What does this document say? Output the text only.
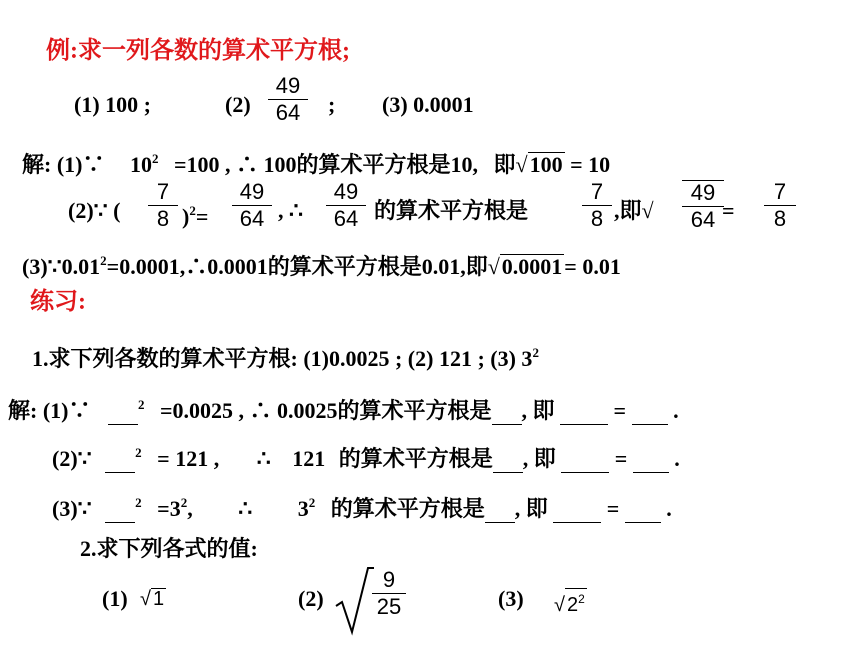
例:求一列各数的算术平方根;
(1) 100 ;	(2)
49
64	; (3) 0.0001
解: (1)∵ $10^2 =100$ , ∴ 100的算术平方根是10, 即√100 = 10
(2)∵ (
7
8 )$^2$=
49
64 , ∴
49
64 的算术平方根是
7
8 ,即√
49
64 =
7
8
$(3)\because 0.01^2=0.0001,\therefore 0.0001$的算术平方根是0.01,即√0.0001= 0.01
练习:
1.求下列各数的算术平方根: (1)0.0025 ; (2) 121 ; (3) $3^2$
解: (1)∵	$^2$ =0.0025 , ∴ 0.0025的算术平方根是 , 即	= .
(2)∵	$^2$ = 121 , ∴ 121 的算术平方根是 , 即	= .
(3)∵	$^2 =3^2$, ∴ $3^2$ 的算术平方根是 , 即	= .
2.求下列各式的值:
(1) √ 1	(2)
9
25	(3) √ $2^2$
